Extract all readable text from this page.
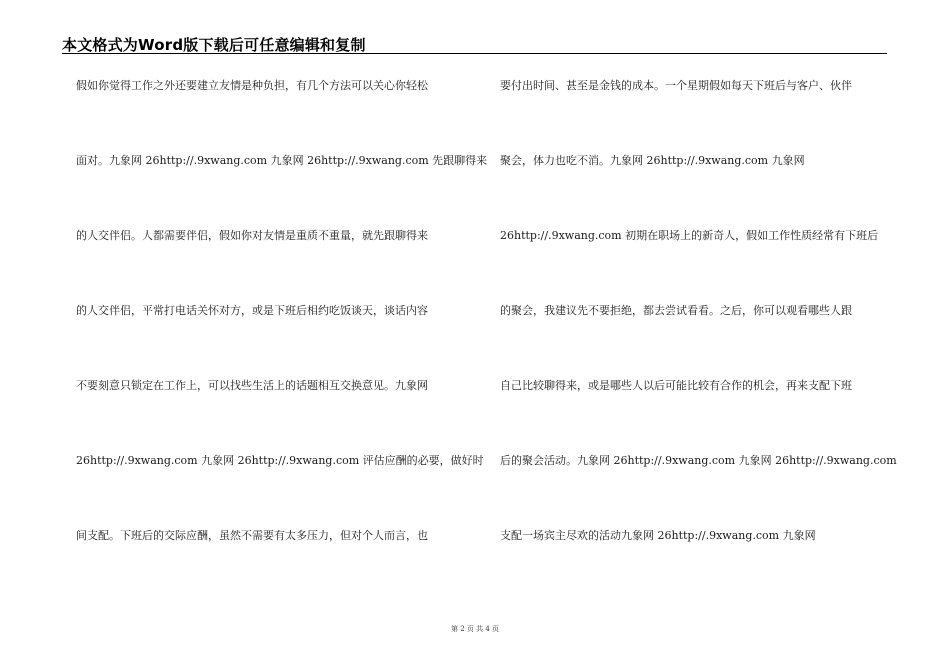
本文格式为Word版下载后可任意编辑和复制
假如你觉得工作之外还要建立友情是种负担，有几个方法可以关心你轻松
面对。九象网 26http://.9xwang.com 九象网 26http://.9xwang.com 先跟聊得来
的人交伴侣。人都需要伴侣，假如你对友情是重质不重量，就先跟聊得来
的人交伴侣，平常打电话关怀对方，或是下班后相约吃饭谈天，谈话内容
不要刻意只锁定在工作上，可以找些生活上的话题相互交换意见。九象网
26http://.9xwang.com 九象网 26http://.9xwang.com 评估应酬的必要，做好时
间支配。下班后的交际应酬，虽然不需要有太多压力，但对个人而言，也
要付出时间、甚至是金钱的成本。一个星期假如每天下班后与客户、伙伴
聚会，体力也吃不消。九象网 26http://.9xwang.com 九象网
26http://.9xwang.com 初期在职场上的新奇人，假如工作性质经常有下班后
的聚会，我建议先不要拒绝，都去尝试看看。之后，你可以观看哪些人跟
自己比较聊得来，或是哪些人以后可能比较有合作的机会，再来支配下班
后的聚会活动。九象网 26http://.9xwang.com 九象网 26http://.9xwang.com
支配一场宾主尽欢的活动九象网 26http://.9xwang.com 九象网
第 2 页 共 4 页
